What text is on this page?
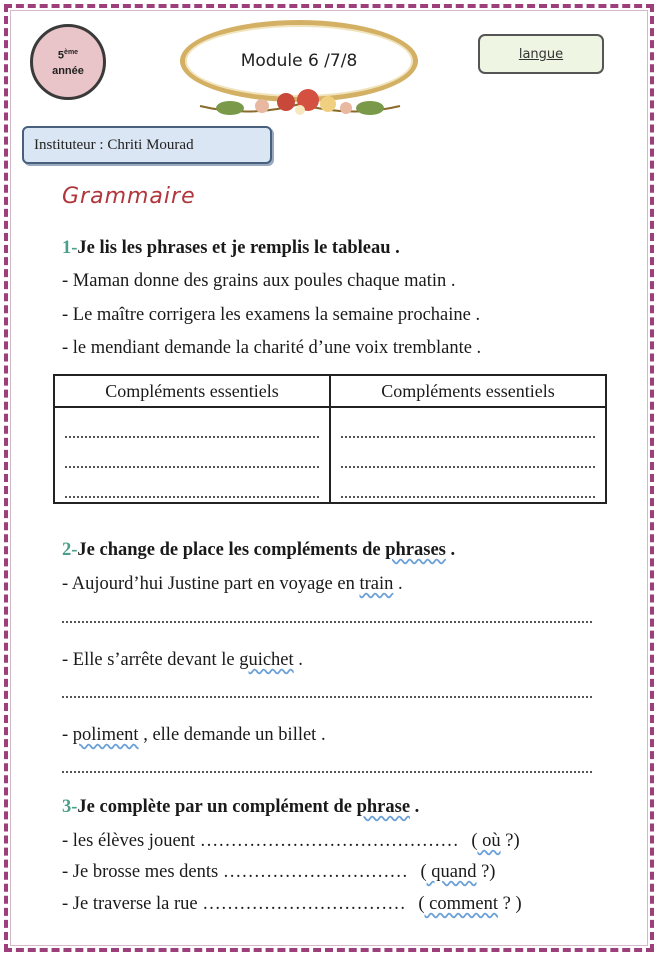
5ème
année	Module 6 /7/8	langue
Instituteur : Chriti Mourad
Grammaire
1-Je lis les phrases et je remplis le tableau .
- Maman donne des grains aux poules chaque matin .
- Le maître corrigera les examens la semaine prochaine .
- le mendiant demande la charité d’une voix tremblante .
Compléments essentiels	Compléments essentiels

2-Je change de place les compléments de phrases .
- Aujourd’hui Justine part en voyage en train .
- Elle s’arrête devant le guichet .
- poliment , elle demande un billet .
3-Je complète par un complément de phrase .
- les élèves jouent …………………………………… ( où ?)
- Je brosse mes dents ………………………… ( quand ?)
- Je traverse la rue …………………………… ( comment ? )
